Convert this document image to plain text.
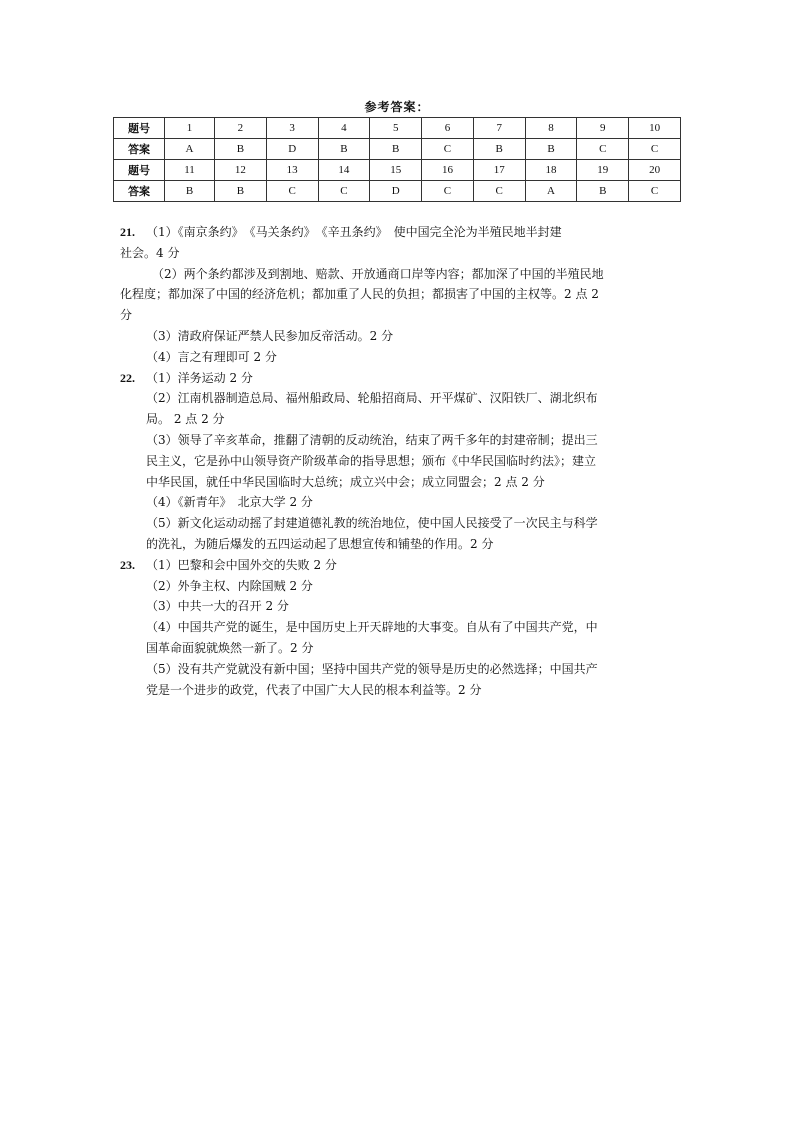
参考答案：
题号	1	2	3	4	5	6	7	8	9	10
答案	A	B	D	B	B	C	B	B	C	C
题号	11	12	13	14	15	16	17	18	19	20
答案	B	B	C	C	D	C	C	A	B	C
21. （1）《南京条约》　《马关条约》　《辛丑条约》　使中国完全沦为半殖民地半封建
社会。4 分
（2）两个条约都涉及到割地、赔款、开放通商口岸等内容；都加深了中国的半殖民地
化程度；都加深了中国的经济危机；都加重了人民的负担；都损害了中国的主权等。2 点 2
分
（3）清政府保证严禁人民参加反帝活动。2 分
（4）言之有理即可 2 分
22. （1）洋务运动 2 分
（2）江南机器制造总局、福州船政局、轮船招商局、开平煤矿、汉阳铁厂、湖北织布
局。 2 点 2 分
（3）领导了辛亥革命，推翻了清朝的反动统治，结束了两千多年的封建帝制；提出三
民主义，它是孙中山领导资产阶级革命的指导思想；颁布《中华民国临时约法》；建立
中华民国，就任中华民国临时大总统；成立兴中会；成立同盟会；2 点 2 分
（4）《新青年》　北京大学 2 分
（5）新文化运动动摇了封建道德礼教的统治地位，使中国人民接受了一次民主与科学
的洗礼，为随后爆发的五四运动起了思想宣传和铺垫的作用。2 分
23. （1）巴黎和会中国外交的失败 2 分
（2）外争主权、内除国贼 2 分
（3）中共一大的召开 2 分
（4）中国共产党的诞生，是中国历史上开天辟地的大事变。自从有了中国共产党，中
国革命面貌就焕然一新了。2 分
（5）没有共产党就没有新中国；坚持中国共产党的领导是历史的必然选择；中国共产
党是一个进步的政党，代表了中国广大人民的根本利益等。2 分
